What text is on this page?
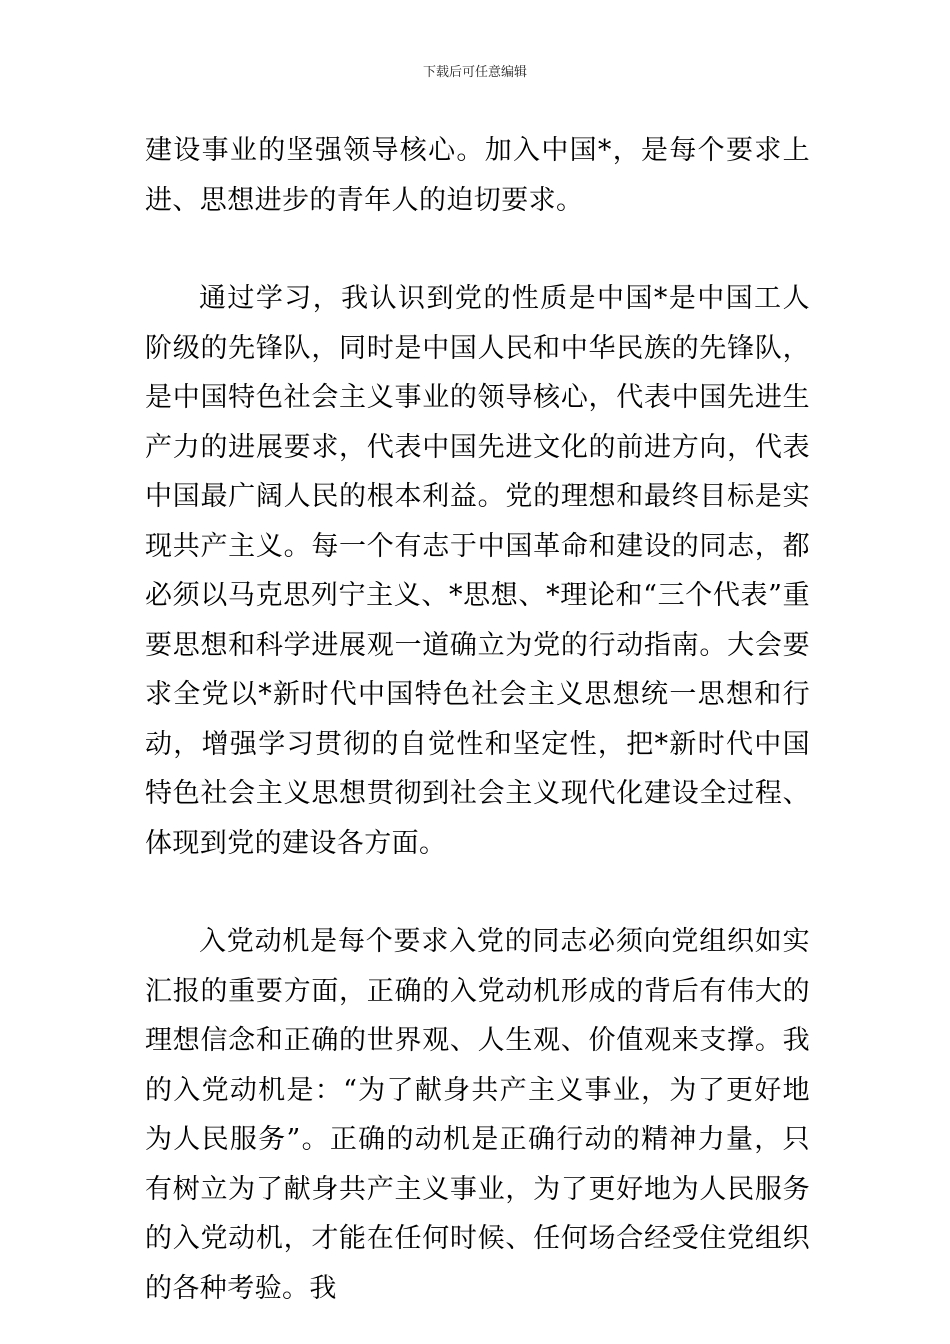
下载后可任意编辑

建设事业的坚强领导核心。加入中国*，是每个要求上进、思想进步的青年人的迫切要求。

通过学习，我认识到党的性质是中国*是中国工人阶级的先锋队，同时是中国人民和中华民族的先锋队，是中国特色社会主义事业的领导核心，代表中国先进生产力的进展要求，代表中国先进文化的前进方向，代表中国最广阔人民的根本利益。党的理想和最终目标是实现共产主义。每一个有志于中国革命和建设的同志，都必须以马克思列宁主义、*思想、*理论和“三个代表”重要思想和科学进展观一道确立为党的行动指南。大会要求全党以*新时代中国特色社会主义思想统一思想和行动，增强学习贯彻的自觉性和坚定性，把*新时代中国特色社会主义思想贯彻到社会主义现代化建设全过程、体现到党的建设各方面。

入党动机是每个要求入党的同志必须向党组织如实汇报的重要方面，正确的入党动机形成的背后有伟大的理想信念和正确的世界观、人生观、价值观来支撑。我的入党动机是：“为了献身共产主义事业，为了更好地为人民服务”。正确的动机是正确行动的精神力量，只有树立为了献身共产主义事业，为了更好地为人民服务的入党动机，才能在任何时候、任何场合经受住党组织的各种考验。我
